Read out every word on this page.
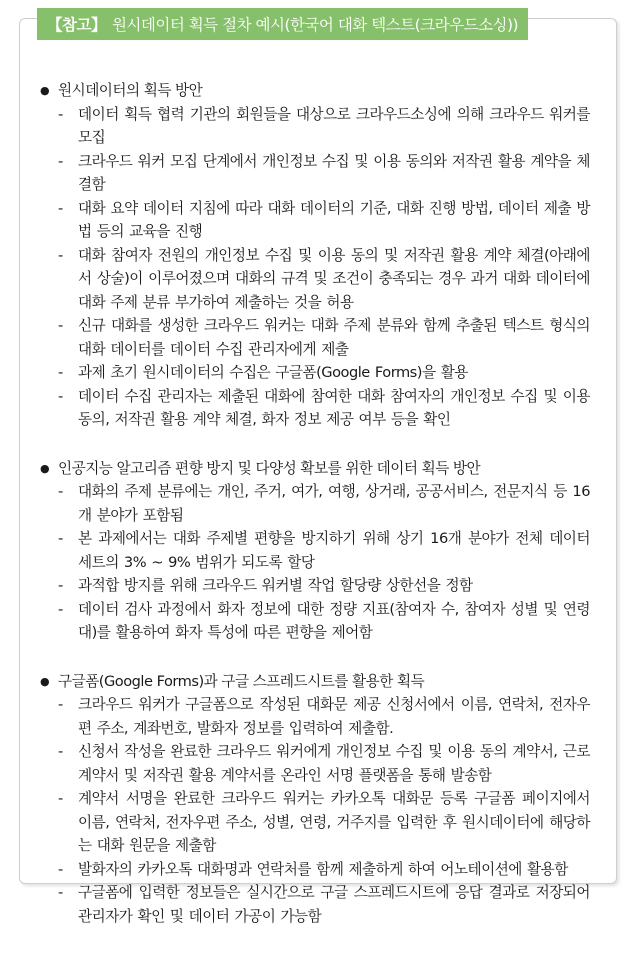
● 원시데이터의 획득 방안
-	데이터 획득 협력 기관의 회원들을 대상으로 크라우드소싱에 의해 크라우드 워커를 모집
-	크라우드 워커 모집 단계에서 개인정보 수집 및 이용 동의와 저작권 활용 계약을 체결함
-	대화 요약 데이터 지침에 따라 대화 데이터의 기준, 대화 진행 방법, 데이터 제출 방법 등의 교육을 진행
-	대화 참여자 전원의 개인정보 수집 및 이용 동의 및 저작권 활용 계약 체결(아래에서 상술)이 이루어졌으며 대화의 규격 및 조건이 충족되는 경우 과거 대화 데이터에 대화 주제 분류 부가하여 제출하는 것을 허용
-	신규 대화를 생성한 크라우드 워커는 대화 주제 분류와 함께 추출된 텍스트 형식의 대화 데이터를 데이터 수집 관리자에게 제출
-	과제 초기 원시데이터의 수집은 구글폼(Google Forms)을 활용
-	데이터 수집 관리자는 제출된 대화에 참여한 대화 참여자의 개인정보 수집 및 이용 동의, 저작권 활용 계약 체결, 화자 정보 제공 여부 등을 확인
● 인공지능 알고리즘 편향 방지 및 다양성 확보를 위한 데이터 획득 방안
-	대화의 주제 분류에는 개인, 주거, 여가, 여행, 상거래, 공공서비스, 전문지식 등 16개 분야가 포함됨
-	본 과제에서는 대화 주제별 편향을 방지하기 위해 상기 16개 분야가 전체 데이터 세트의 3% ~ 9% 범위가 되도록 할당
-	과적합 방지를 위해 크라우드 워커별 작업 할당량 상한선을 정함
-	데이터 검사 과정에서 화자 정보에 대한 정량 지표(참여자 수, 참여자 성별 및 연령대)를 활용하여 화자 특성에 따른 편향을 제어함
● 구글폼(Google Forms)과 구글 스프레드시트를 활용한 획득
-	크라우드 워커가 구글폼으로 작성된 대화문 제공 신청서에서 이름, 연락처, 전자우편 주소, 계좌번호, 발화자 정보를 입력하여 제출함.
-	신청서 작성을 완료한 크라우드 워커에게 개인정보 수집 및 이용 동의 계약서, 근로 계약서 및 저작권 활용 계약서를 온라인 서명 플랫폼을 통해 발송함
-	계약서 서명을 완료한 크라우드 워커는 카카오톡 대화문 등록 구글폼 페이지에서 이름, 연락처, 전자우편 주소, 성별, 연령, 거주지를 입력한 후 원시데이터에 해당하는 대화 원문을 제출함
-	발화자의 카카오톡 대화명과 연락처를 함께 제출하게 하여 어노테이션에 활용함
-	구글폼에 입력한 정보들은 실시간으로 구글 스프레드시트에 응답 결과로 저장되어 관리자가 확인 및 데이터 가공이 가능함
【참고】 원시데이터 획득 절차 예시(한국어 대화 텍스트(크라우드소싱))
